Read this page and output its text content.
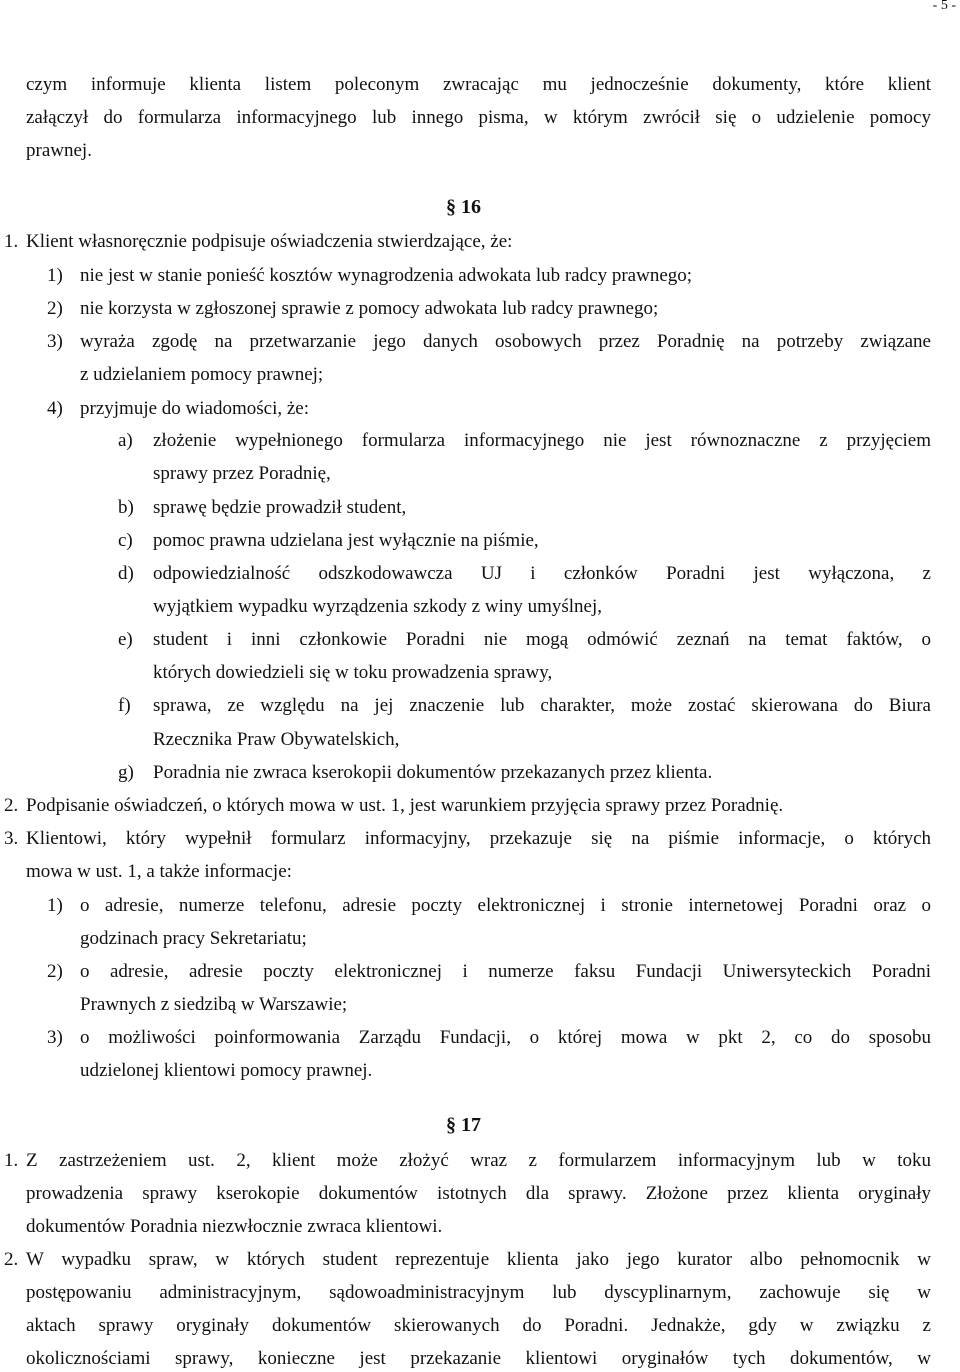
- 5 -
czym informuje klienta listem poleconym zwracając mu jednocześnie dokumenty, które klient
załączył do formularza informacyjnego lub innego pisma, w którym zwrócił się o udzielenie pomocy
prawnej.
§ 16
1. Klient własnoręcznie podpisuje oświadczenia stwierdzające, że:
1) nie jest w stanie ponieść kosztów wynagrodzenia adwokata lub radcy prawnego;
2) nie korzysta w zgłoszonej sprawie z pomocy adwokata lub radcy prawnego;
3) wyraża zgodę na przetwarzanie jego danych osobowych przez Poradnię na potrzeby związane
z udzielaniem pomocy prawnej;
4) przyjmuje do wiadomości, że:
a) złożenie wypełnionego formularza informacyjnego nie jest równoznaczne z przyjęciem
sprawy przez Poradnię,
b) sprawę będzie prowadził student,
c) pomoc prawna udzielana jest wyłącznie na piśmie,
d) odpowiedzialność odszkodowawcza UJ i członków Poradni jest wyłączona, z
wyjątkiem wypadku wyrządzenia szkody z winy umyślnej,
e) student i inni członkowie Poradni nie mogą odmówić zeznań na temat faktów, o
których dowiedzieli się w toku prowadzenia sprawy,
f) sprawa, ze względu na jej znaczenie lub charakter, może zostać skierowana do Biura
Rzecznika Praw Obywatelskich,
g) Poradnia nie zwraca kserokopii dokumentów przekazanych przez klienta.
2. Podpisanie oświadczeń, o których mowa w ust. 1, jest warunkiem przyjęcia sprawy przez Poradnię.
3. Klientowi, który wypełnił formularz informacyjny, przekazuje się na piśmie informacje, o których
mowa w ust. 1, a także informacje:
1) o adresie, numerze telefonu, adresie poczty elektronicznej i stronie internetowej Poradni oraz o
godzinach pracy Sekretariatu;
2) o adresie, adresie poczty elektronicznej i numerze faksu Fundacji Uniwersyteckich Poradni
Prawnych z siedzibą w Warszawie;
3) o możliwości poinformowania Zarządu Fundacji, o której mowa w pkt 2, co do sposobu
udzielonej klientowi pomocy prawnej.
§ 17
1. Z zastrzeżeniem ust. 2, klient może złożyć wraz z formularzem informacyjnym lub w toku
prowadzenia sprawy kserokopie dokumentów istotnych dla sprawy. Złożone przez klienta oryginały
dokumentów Poradnia niezwłocznie zwraca klientowi.
2. W wypadku spraw, w których student reprezentuje klienta jako jego kurator albo pełnomocnik w
postępowaniu administracyjnym, sądowoadministracyjnym lub dyscyplinarnym, zachowuje się w
aktach sprawy oryginały dokumentów skierowanych do Poradni. Jednakże, gdy w związku z
okolicznościami sprawy, konieczne jest przekazanie klientowi oryginałów tych dokumentów, w
